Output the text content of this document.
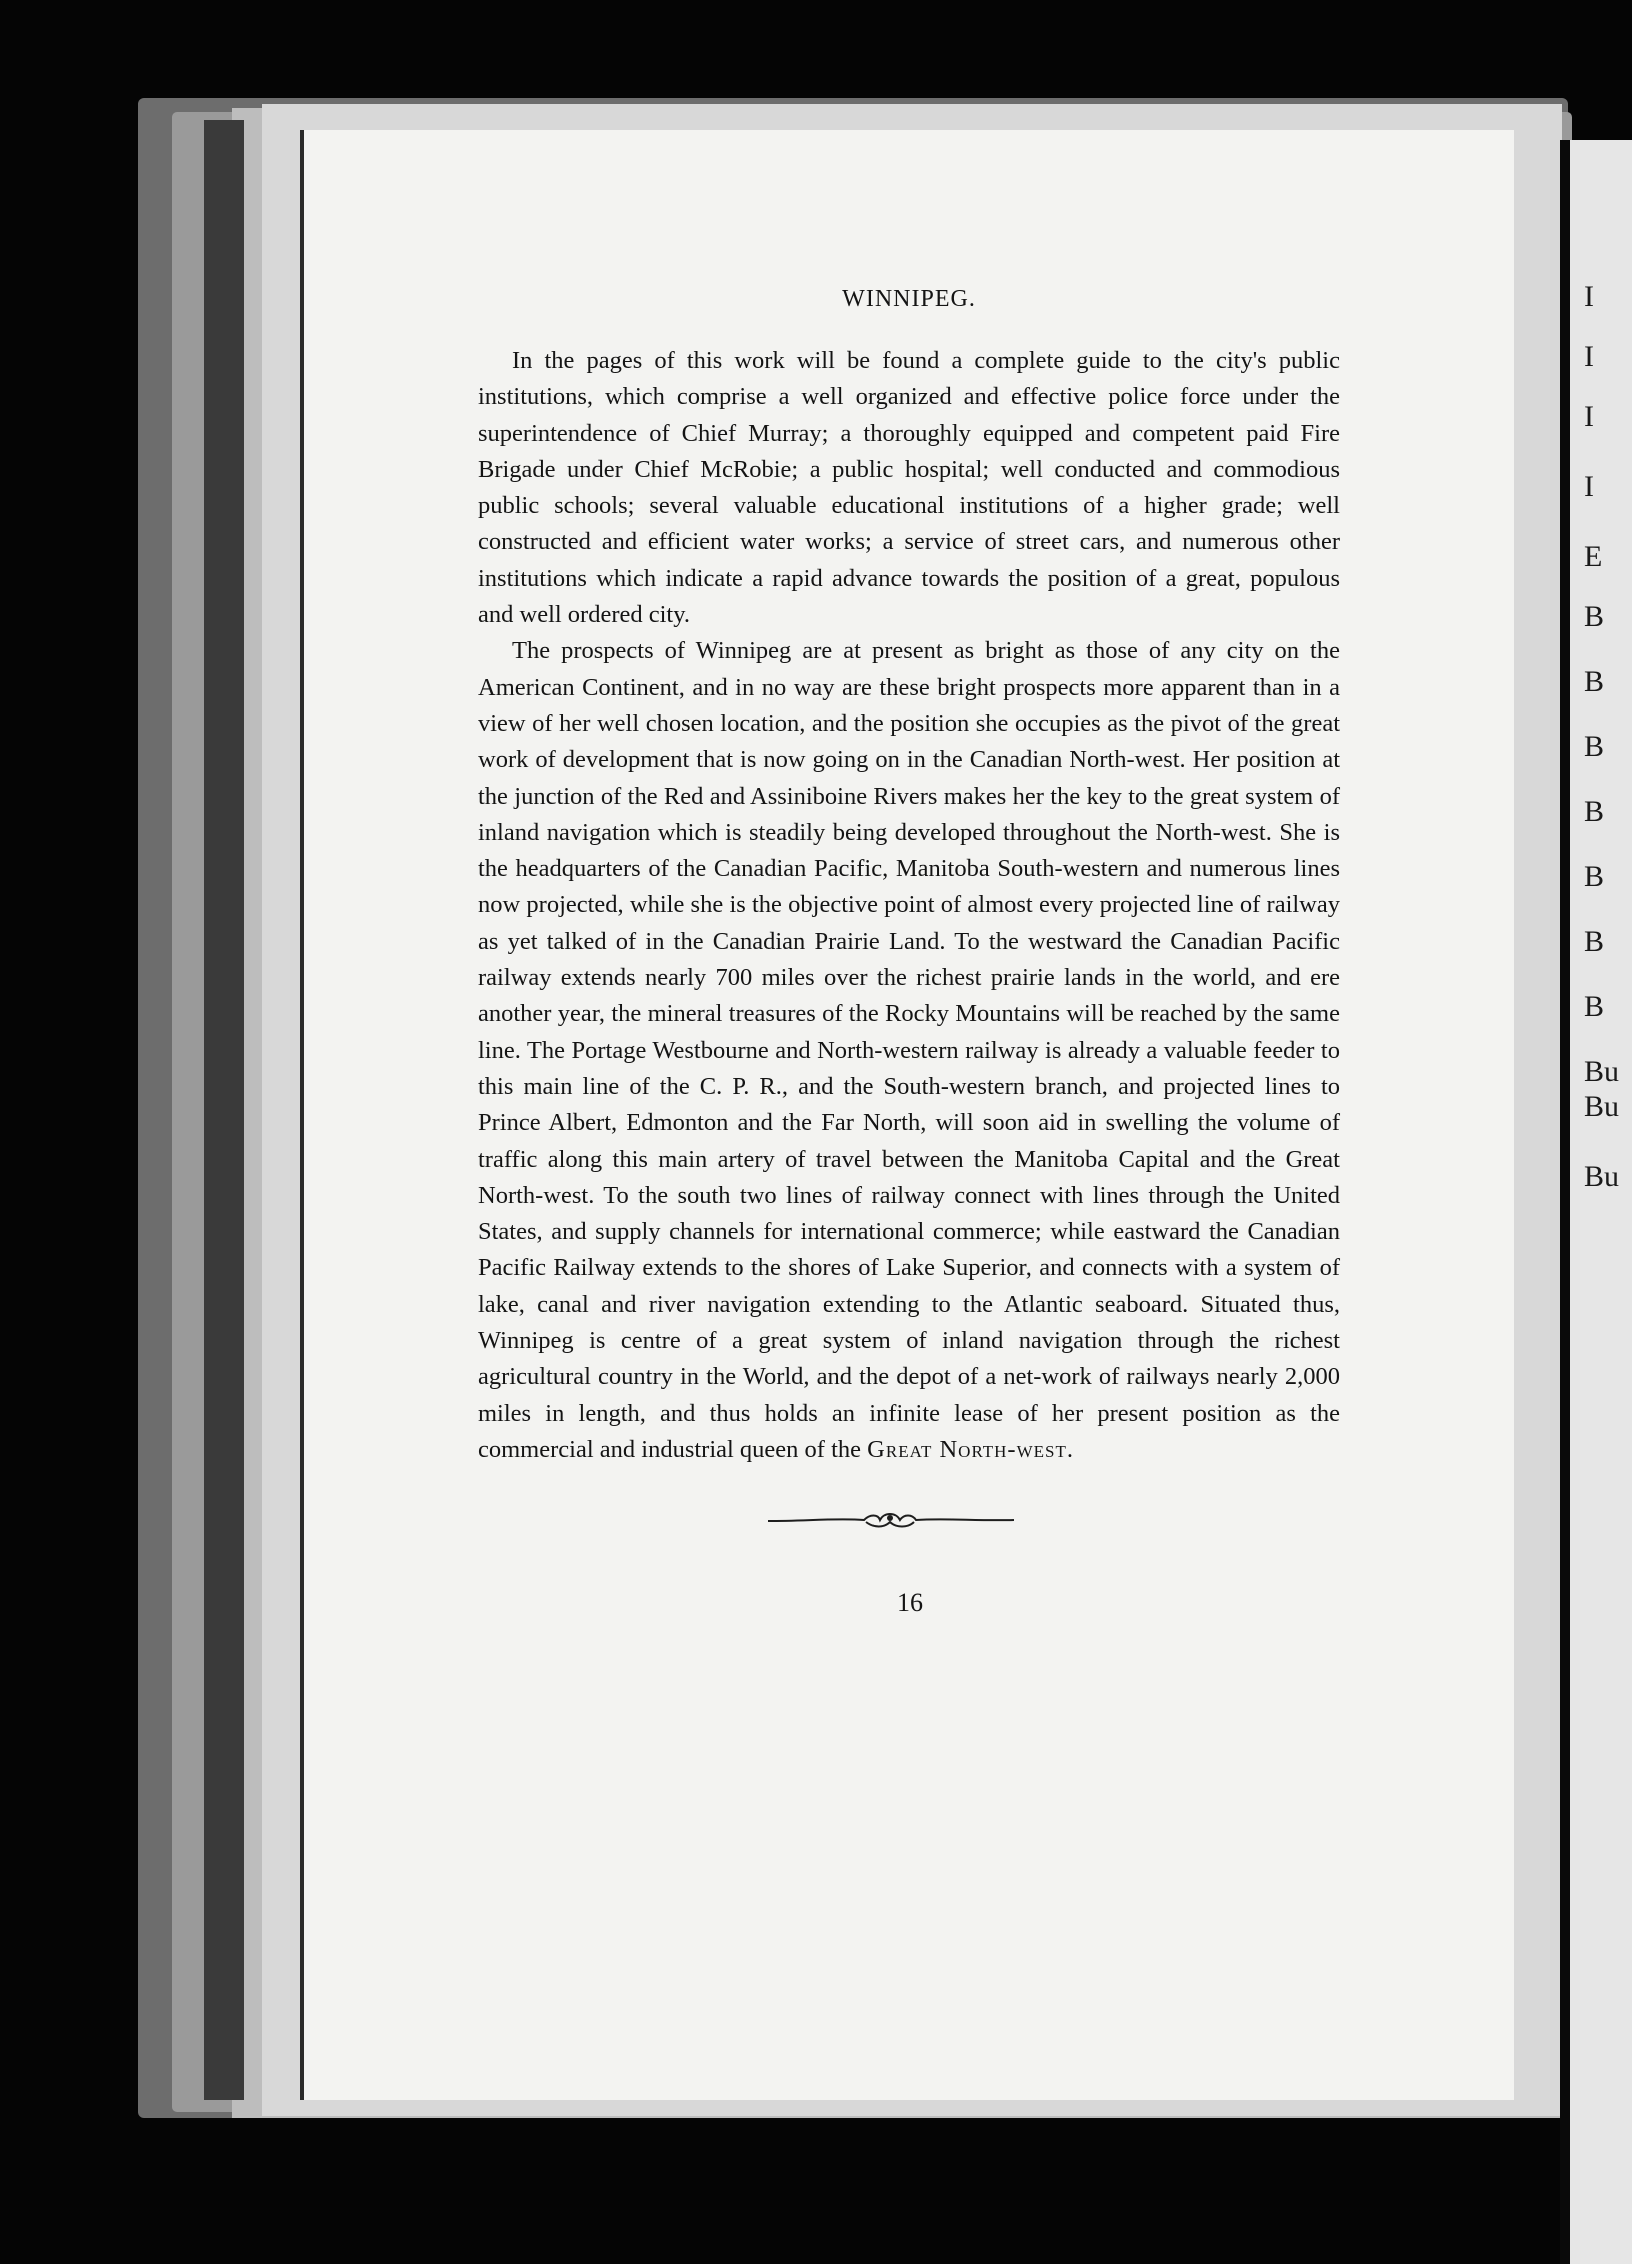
I
I
I
I
E
B
B
B
B
B
B
B
Bu
Bu
Bu
WINNIPEG.

In the pages of this work will be found a complete guide to the city's public institutions, which comprise a well organized and effective police force under the superintendence of Chief Murray; a thoroughly equipped and competent paid Fire Brigade under Chief McRobie; a public hospital; well conducted and commodious public schools; several valuable educational institutions of a higher grade; well constructed and efficient water works; a service of street cars, and numerous other institutions which indicate a rapid advance towards the position of a great, populous and well ordered city.

The prospects of Winnipeg are at present as bright as those of any city on the American Continent, and in no way are these bright prospects more apparent than in a view of her well chosen location, and the position she occupies as the pivot of the great work of development that is now going on in the Canadian North-west. Her position at the junction of the Red and Assiniboine Rivers makes her the key to the great system of inland navigation which is steadily being developed throughout the North-west. She is the headquarters of the Canadian Pacific, Manitoba South-western and numerous lines now projected, while she is the objective point of almost every projected line of railway as yet talked of in the Canadian Prairie Land. To the westward the Canadian Pacific railway extends nearly 700 miles over the richest prairie lands in the world, and ere another year, the mineral treasures of the Rocky Mountains will be reached by the same line. The Portage Westbourne and North-western railway is already a valuable feeder to this main line of the C. P. R., and the South-western branch, and projected lines to Prince Albert, Edmonton and the Far North, will soon aid in swelling the volume of traffic along this main artery of travel between the Manitoba Capital and the Great North-west. To the south two lines of railway connect with lines through the United States, and supply channels for international commerce; while eastward the Canadian Pacific Railway extends to the shores of Lake Superior, and connects with a system of lake, canal and river navigation extending to the Atlantic seaboard. Situated thus, Winnipeg is centre of a great system of inland navigation through the richest agricultural country in the World, and the depot of a net-work of railways nearly 2,000 miles in length, and thus holds an infinite lease of her present position as the commercial and industrial queen of the Great North-west.

16
